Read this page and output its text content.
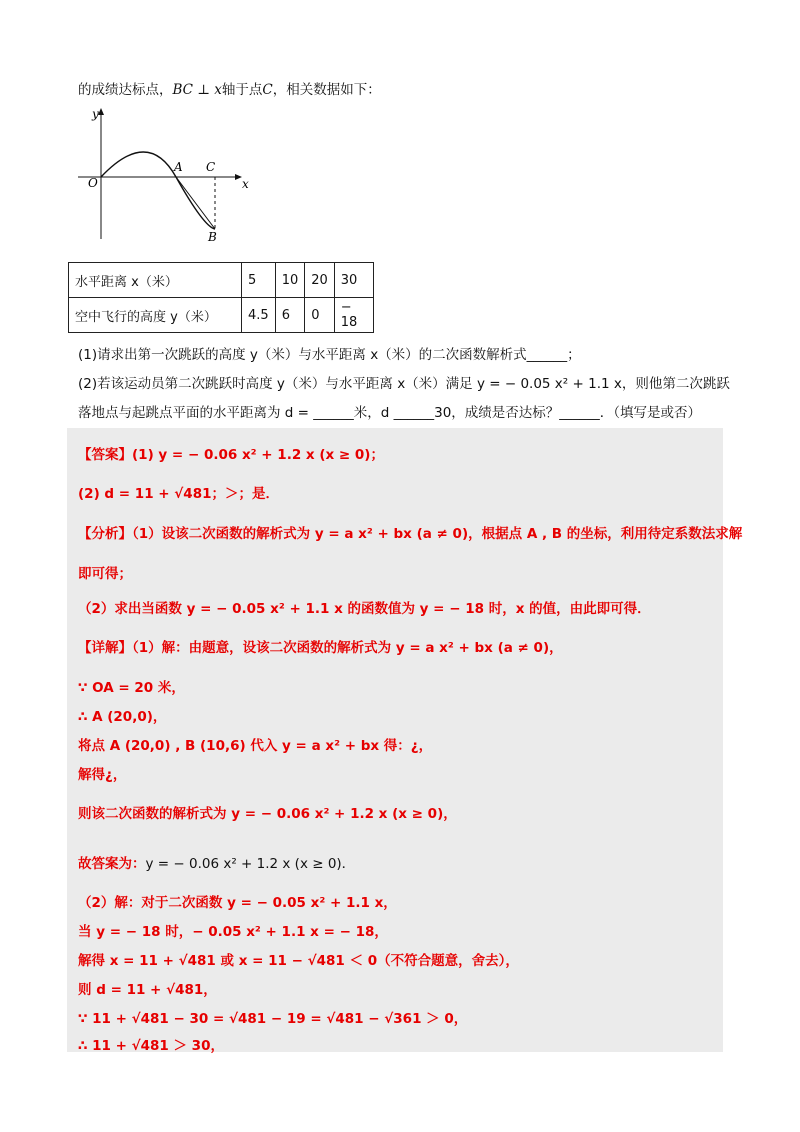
的成绩达标点，BC ⊥ x轴于点C，相关数据如下：
y
x
O
A C
B
水平距离 x（米）	5	10	20	30
空中飞行的高度 y（米）	4.5	6	0	− 18
(1)请求出第一次跳跃的高度 y（米）与水平距离 x（米）的二次函数解析式______；
(2)若该运动员第二次跳跃时高度 y（米）与水平距离 x（米）满足 y = − 0.05 x² + 1.1 x，则他第二次跳跃
落地点与起跳点平面的水平距离为 d = ______米，d ______30，成绩是否达标？______．（填写是或否）
【答案】(1) y = − 0.06 x² + 1.2 x (x ≥ 0)；
(2) d = 11 + √481；＞；是．
【分析】（1）设该二次函数的解析式为 y = a x² + bx (a ≠ 0)，根据点 A , B 的坐标，利用待定系数法求解
即可得；
（2）求出当函数 y = − 0.05 x² + 1.1 x 的函数值为 y = − 18 时，x 的值，由此即可得．
【详解】（1）解：由题意，设该二次函数的解析式为 y = a x² + bx (a ≠ 0)，
∵ OA = 20 米，
∴ A (20,0)，
将点 A (20,0) , B (10,6) 代入 y = a x² + bx 得：¿，
解得¿，
则该二次函数的解析式为 y = − 0.06 x² + 1.2 x (x ≥ 0)，
故答案为：y = − 0.06 x² + 1.2 x (x ≥ 0)．
（2）解：对于二次函数 y = − 0.05 x² + 1.1 x，
当 y = − 18 时，− 0.05 x² + 1.1 x = − 18，
解得 x = 11 + √481 或 x = 11 − √481 ＜ 0（不符合题意，舍去），
则 d = 11 + √481，
∵ 11 + √481 − 30 = √481 − 19 = √481 − √361 ＞ 0，
∴ 11 + √481 ＞ 30，
